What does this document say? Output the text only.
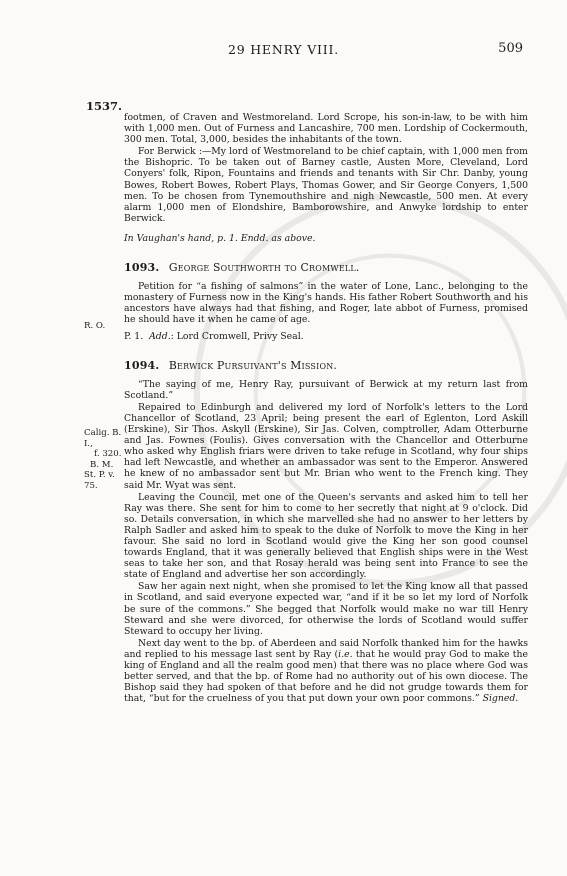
29 HENRY VIII.	509
1537.
R. O.
Calig. B. I.,
f. 320.
B. M.
St. P. v. 75.

footmen, of Craven and Westmoreland. Lord Scrope, his son-in-law, to be with him with 1,000 men. Out of Furness and Lancashire, 700 men. Lordship of Cockermouth, 300 men. Total, 3,000, besides the inhabitants of the town.

For Berwick :—My lord of Westmoreland to be chief captain, with 1,000 men from the Bishopric. To be taken out of Barney castle, Austen More, Cleveland, Lord Conyers' folk, Ripon, Fountains and friends and tenants with Sir Chr. Danby, young Bowes, Robert Bowes, Robert Plays, Thomas Gower, and Sir George Conyers, 1,500 men. To be chosen from Tynemouthshire and nigh Newcastle, 500 men. At every alarm 1,000 men of Elondshire, Bamborowshire, and Anwyke lordship to enter Berwick.

In Vaughan's hand, p. 1. Endd. as above.

1093. George Southworth to Cromwell.

Petition for “a fishing of salmons” in the water of Lone, Lanc., belonging to the monastery of Furness now in the King's hands. His father Robert Southworth and his ancestors have always had that fishing, and Roger, late abbot of Furness, promised he should have it when he came of age.

P. 1. Add.: Lord Cromwell, Privy Seal.

1094. Berwick Pursuivant's Mission.

“The saying of me, Henry Ray, pursuivant of Berwick at my return last from Scotland.”

Repaired to Edinburgh and delivered my lord of Norfolk's letters to the Lord Chancellor of Scotland, 23 April; being present the earl of Eglenton, Lord Askill (Erskine), Sir Thos. Askyll (Erskine), Sir Jas. Colven, comptroller, Adam Otterburne and Jas. Fownes (Foulis). Gives conversation with the Chancellor and Otterburne who asked why English friars were driven to take refuge in Scotland, why four ships had left Newcastle, and whether an ambassador was sent to the Emperor. Answered he knew of no ambassador sent but Mr. Brian who went to the French king. They said Mr. Wyat was sent.

Leaving the Council, met one of the Queen's servants and asked him to tell her Ray was there. She sent for him to come to her secretly that night at 9 o'clock. Did so. Details conversation, in which she marvelled she had no answer to her letters by Ralph Sadler and asked him to speak to the duke of Norfolk to move the King in her favour. She said no lord in Scotland would give the King her son good counsel towards England, that it was generally believed that English ships were in the West seas to take her son, and that Rosay herald was being sent into France to see the state of England and advertise her son accordingly.

Saw her again next night, when she promised to let the King know all that passed in Scotland, and said everyone expected war, “and if it be so let my lord of Norfolk be sure of the commons.” She begged that Norfolk would make no war till Henry Steward and she were divorced, for otherwise the lords of Scotland would suffer Steward to occupy her living.

Next day went to the bp. of Aberdeen and said Norfolk thanked him for the hawks and replied to his message last sent by Ray (i.e. that he would pray God to make the king of England and all the realm good men) that there was no place where God was better served, and that the bp. of Rome had no authority out of his own diocese. The Bishop said they had spoken of that before and he did not grudge towards them for that, “but for the cruelness of you that put down your own poor commons.” Signed.
